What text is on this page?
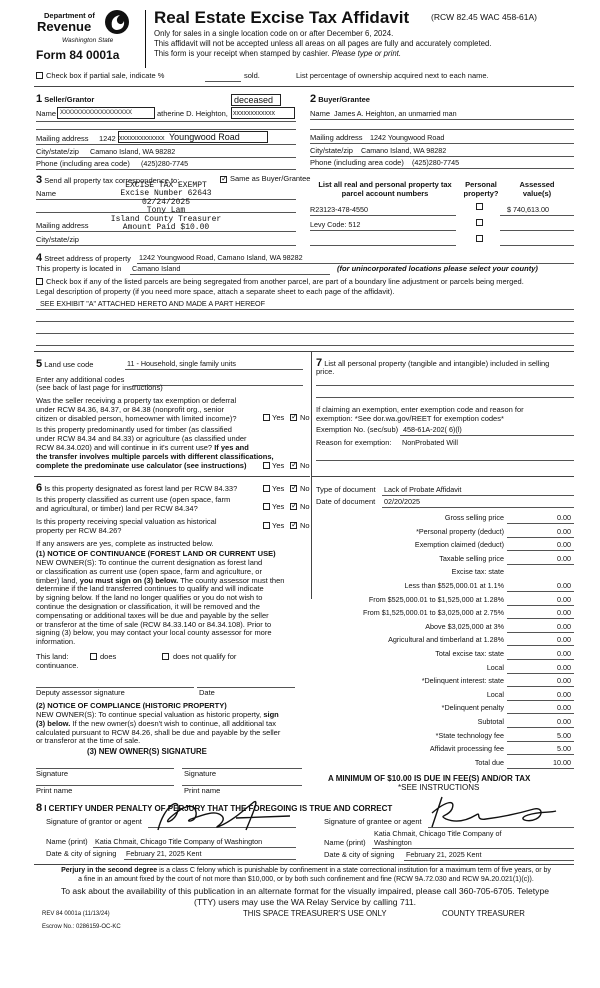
Department of
Revenue
Washington State
Form 84 0001a
Real Estate Excise Tax Affidavit	(RCW 82.45 WAC 458-61A)
Only for sales in a single location code on or after December 6, 2024.
This affidavit will not be accepted unless all areas on all pages are fully and accurately completed.
This form is your receipt when stamped by cashier. Please type or print.
Check box if partial sale, indicate %	sold.	List percentage of ownership acquired next to each name.
1 Seller/Grantor
Name XXXXXXXXXXXXXXXXXX	atherine D. Heighton,
deceased
xxxxxxxxxxxx
Mailing address 1242 xxxxxxxxxxxxx Youngwood Road
City/state/zip Camano Island, WA 98282
Phone (including area code) (425)280-7745
2 Buyer/Grantee
Name James A. Heighton, an unmarried man
Mailing address 1242 Youngwood Road
City/state/zip Camano Island, WA 98282
Phone (including area code) (425)280-7745
3 Send all property tax correspondence to: ✓	Same as Buyer/Grantee
Name
Mailing address
City/state/zip
EXCISE TAX EXEMPT
Excise Number 62643
02/24/2025
Tony Lam
Island County Treasurer
Amount Paid $10.00
List all real and personal property tax
parcel account numbers
Personal
property?
Assessed
value(s)
R23123-478-4550	$ 740,613.00
Levy Code: 512
4 Street address of property 1242 Youngwood Road, Camano Island, WA 98282
This property is located in Camano Island	(for unincorporated locations please select your county)
Check box if any of the listed parcels are being segregated from another parcel, are part of a boundary line adjustment or parcels being merged.
Legal description of property (if you need more space, attach a separate sheet to each page of the affidavit).
SEE EXHIBIT "A" ATTACHED HERETO AND MADE A PART HEREOF
5 Land use code	11 - Household, single family units
Enter any additional codes
(see back of last page for instructions)
Was the seller receiving a property tax exemption or deferral
under RCW 84.36, 84.37, or 84.38 (nonprofit org., senior
citizen or disabled person, homeowner with limited income)?	Yes ✓ No
Is this property predominantly used for timber (as classified
under RCW 84.34 and 84.33) or agriculture (as classified under
RCW 84.34.020) and will continue in it's current use? If yes and
the transfer involves multiple parcels with different classifications,
complete the predominate use calculator (see instructions)	Yes ✓ No
7 List all personal property (tangible and intangible) included in selling
price.
If claiming an exemption, enter exemption code and reason for
exemption: *See dor.wa.gov/REET for exemption codes*
Exemption No. (sec/sub) 458-61A-202( 6)(l)
Reason for exemption: NonProbated Will
6 Is this property designated as forest land per RCW 84.33?	Yes ✓ No
Is this property classified as current use (open space, farm
and agricultural, or timber) land per RCW 84.34?	Yes ✓ No
Is this property receiving special valuation as historical
property per RCW 84.26?
Yes ✓ No
If any answers are yes, complete as instructed below.
(1) NOTICE OF CONTINUANCE (FOREST LAND OR CURRENT USE)
NEW OWNER(S): To continue the current designation as forest land
or classification as current use (open space, farm and agriculture, or
timber) land, you must sign on (3) below. The county assessor must then
determine if the land transferred continues to qualify and will indicate
by signing below. If the land no longer qualifies or you do not wish to
continue the designation or classification, it will be removed and the
compensating or additional taxes will be due and payable by the seller
or transferor at the time of sale (RCW 84.33.140 or 84.34.108). Prior to
signing (3) below, you may contact your local county assessor for more
information.
This land:	does	does not qualify for
continuance.
Deputy assessor signature	Date
(2) NOTICE OF COMPLIANCE (HISTORIC PROPERTY)
NEW OWNER(S): To continue special valuation as historic property, sign
(3) below. If the new owner(s) doesn't wish to continue, all additional tax
calculated pursuant to RCW 84.26, shall be due and payable by the seller
or transferor at the time of sale.
(3) NEW OWNER(S) SIGNATURE
Signature	Signature
Print name	Print name
Type of document Lack of Probate Affidavit
Date of document 02/20/2025
Gross selling price	0.00
*Personal property (deduct)	0.00
Exemption claimed (deduct)	0.00
Taxable selling price	0.00
Excise tax: state
Less than $525,000.01 at 1.1%	0.00
From $525,000.01 to $1,525,000 at 1.28%	0.00
From $1,525,000.01 to $3,025,000 at 2.75%	0.00
Above $3,025,000 at 3%	0.00
Agricultural and timberland at 1.28%	0.00
Total excise tax: state	0.00
Local	0.00
*Delinquent interest: state	0.00
Local	0.00
*Delinquent penalty	0.00
Subtotal	0.00
*State technology fee	5.00
Affidavit processing fee	5.00
Total due	10.00
A MINIMUM OF $10.00 IS DUE IN FEE(S) AND/OR TAX
*SEE INSTRUCTIONS
8 I CERTIFY UNDER PENALTY OF PERJURY THAT THE FOREGOING IS TRUE AND CORRECT
Signature of grantor or agent	Signature of grantee or agent
Name (print) Katia Chmait, Chicago Title Company of Washington
Date & city of signing February 21, 2025 Kent
Katia Chmait, Chicago Title Company of
Name (print) Washington
Date & city of signing February 21, 2025 Kent
Perjury in the second degree is a class C felony which is punishable by confinement in a state correctional institution for a maximum term of five years, or by
a fine in an amount fixed by the court of not more than $10,000, or by both such confinement and fine (RCW 9A.72.030 and RCW 9A.20.021(1)(c)).
To ask about the availability of this publication in an alternate format for the visually impaired, please call 360-705-6705. Teletype
(TTY) users may use the WA Relay Service by calling 711.
REV 84 0001a (11/13/24)	THIS SPACE TREASURER'S USE ONLY	COUNTY TREASURER
Escrow No.: 0286159-OC-KC
